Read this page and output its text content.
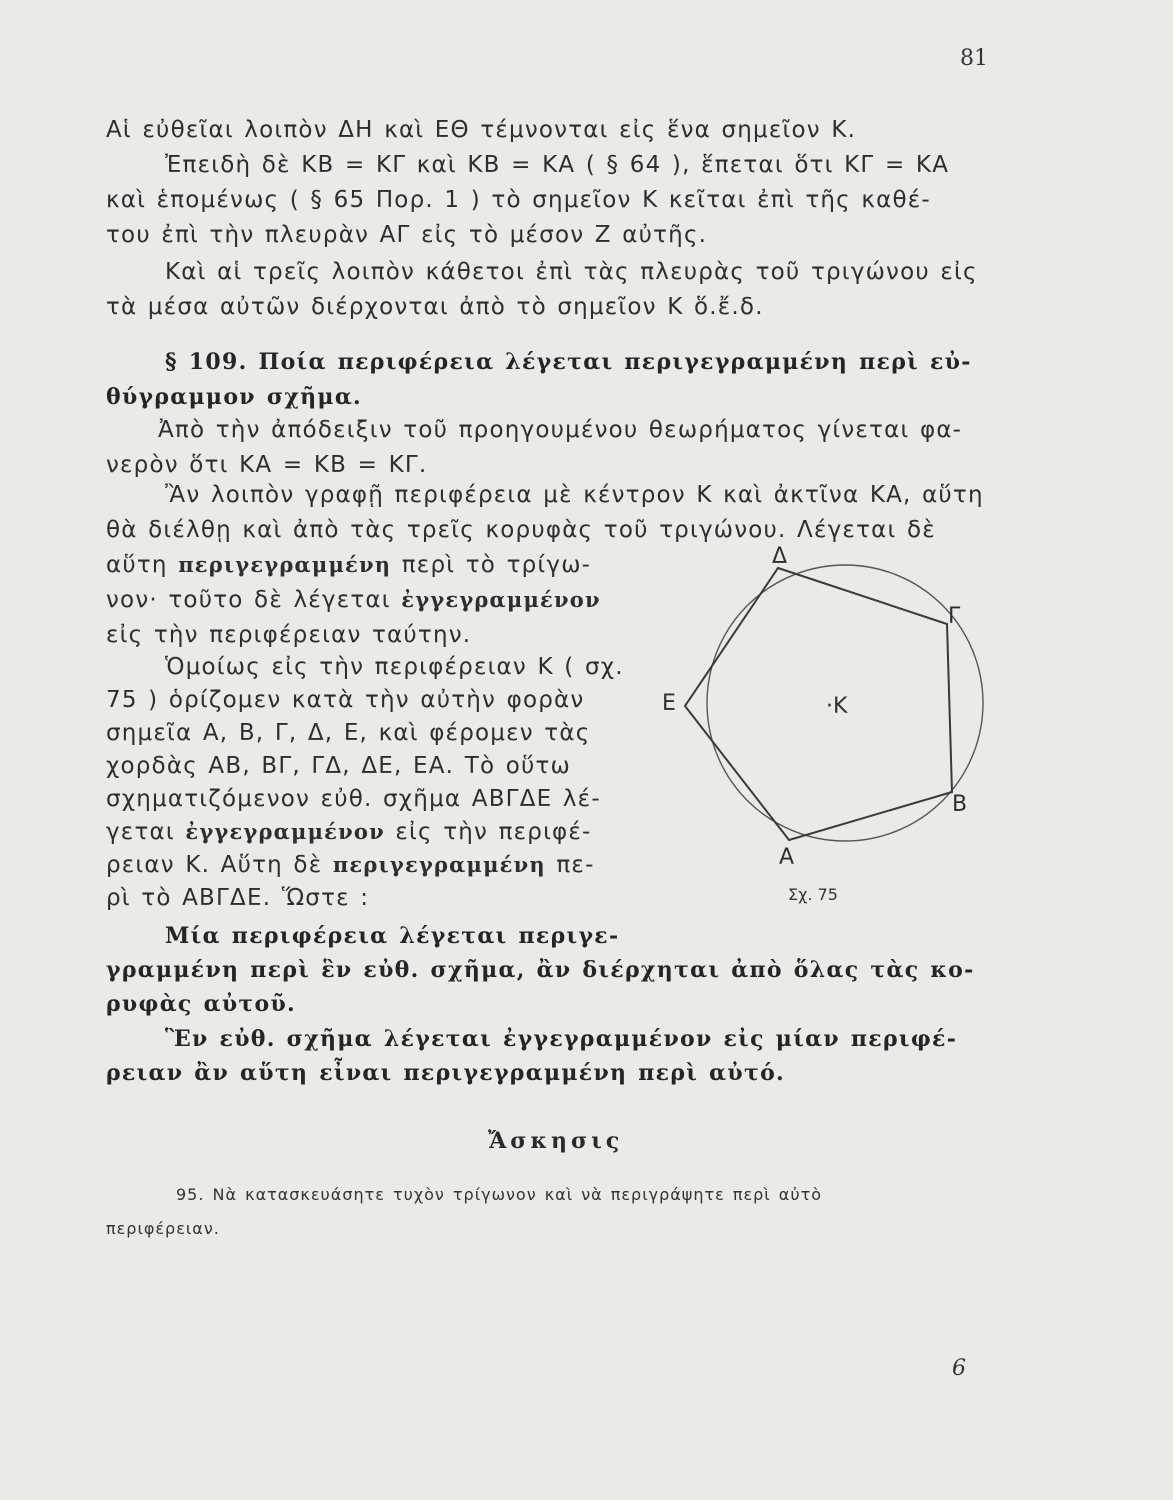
81
Αἱ εὐθεῖαι λοιπὸν ΔΗ καὶ ΕΘ τέμνονται εἰς ἕνα σημεῖον Κ.
Ἐπειδὴ δὲ ΚΒ = ΚΓ καὶ ΚΒ = ΚΑ ( § 64 ), ἕπεται ὅτι ΚΓ = ΚΑ
καὶ ἑπομένως ( § 65 Πορ. 1 ) τὸ σημεῖον Κ κεῖται ἐπὶ τῆς καθέ-
του ἐπὶ τὴν πλευρὰν ΑΓ εἰς τὸ μέσον Ζ αὐτῆς.
Καὶ αἱ τρεῖς λοιπὸν κάθετοι ἐπὶ τὰς πλευρὰς τοῦ τριγώνου εἰς
τὰ μέσα αὐτῶν διέρχονται ἀπὸ τὸ σημεῖον Κ ὅ.ἔ.δ.
§ 109. Ποία περιφέρεια λέγεται περιγεγραμμένη περὶ εὐ-
θύγραμμον σχῆμα.
Ἀπὸ τὴν ἀπόδειξιν τοῦ προηγουμένου θεωρήματος γίνεται φα-
νερὸν ὅτι ΚΑ = ΚΒ = ΚΓ.
Ἂν λοιπὸν γραφῇ περιφέρεια μὲ κέντρον Κ καὶ ἀκτῖνα ΚΑ, αὕτη
θὰ διέλθῃ καὶ ἀπὸ τὰς τρεῖς κορυφὰς τοῦ τριγώνου. Λέγεται δὲ
αὕτη περιγεγραμμένη περὶ τὸ τρίγω-
νον· τοῦτο δὲ λέγεται ἐγγεγραμμένον
εἰς τὴν περιφέρειαν ταύτην.
Ὁμοίως εἰς τὴν περιφέρειαν Κ ( σχ.
75 ) ὁρίζομεν κατὰ τὴν αὐτὴν φορὰν
σημεῖα Α, Β, Γ, Δ, Ε, καὶ φέρομεν τὰς
χορδὰς ΑΒ, ΒΓ, ΓΔ, ΔΕ, ΕΑ. Τὸ οὕτω
σχηματιζόμενον εὐθ. σχῆμα ΑΒΓΔΕ λέ-
γεται ἐγγεγραμμένον εἰς τὴν περιφέ-
ρειαν Κ. Αὕτη δὲ περιγεγραμμένη πε-
ρὶ τὸ ΑΒΓΔΕ. Ὥστε :
Μία περιφέρεια λέγεται περιγε-
γραμμένη περὶ ἓν εὐθ. σχῆμα, ἂν διέρχηται ἀπὸ ὅλας τὰς κο-
ρυφὰς αὐτοῦ.
Ἓν εὐθ. σχῆμα λέγεται ἐγγεγραμμένον εἰς μίαν περιφέ-
ρειαν ἂν αὕτη εἶναι περιγεγραμμένη περὶ αὐτό.
Ἄσκησις
95. Νὰ κατασκευάσητε τυχὸν τρίγωνον καὶ νὰ περιγράψητε περὶ αὐτὸ
περιφέρειαν.
6
Δ
Γ
Ε	·Κ
Β
Α
Σχ. 75
